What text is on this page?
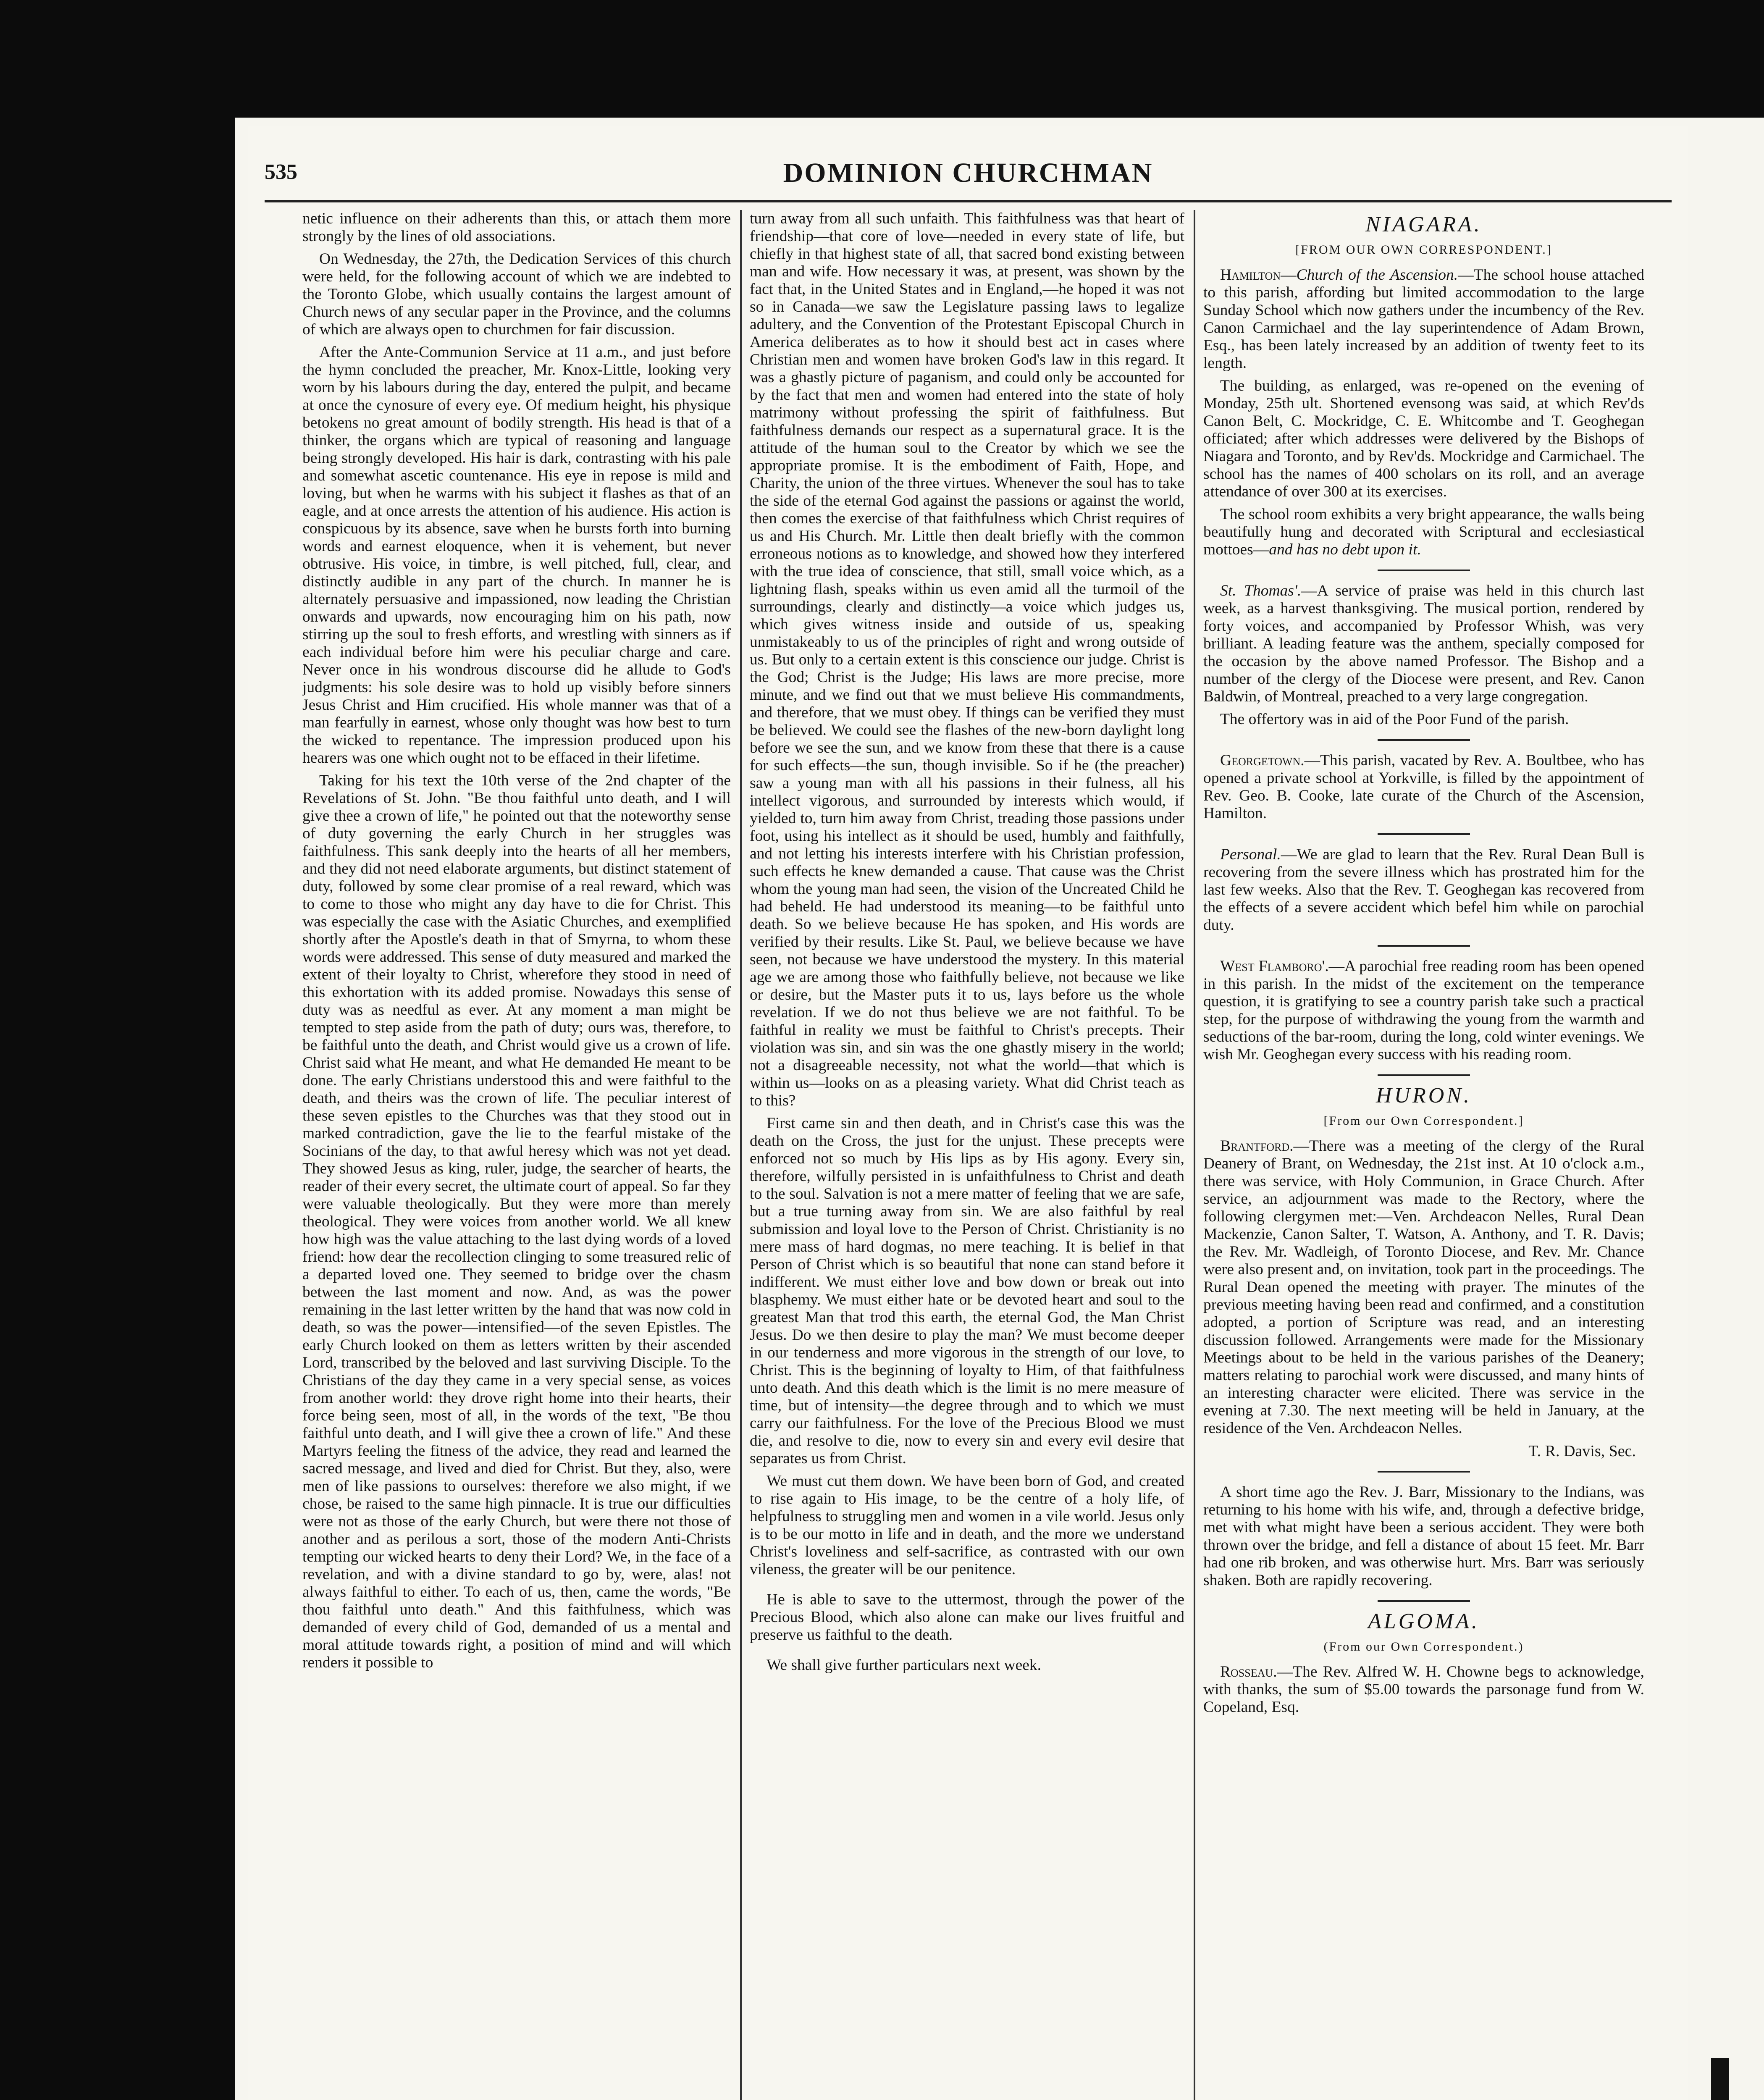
535	DOMINION CHURCHMAN

netic influence on their adherents than this, or attach them more strongly by the lines of old associations.

On Wednesday, the 27th, the Dedication Services of this church were held, for the following account of which we are indebted to the Toronto Globe, which usually contains the largest amount of Church news of any secular paper in the Province, and the columns of which are always open to churchmen for fair discussion.

After the Ante-Communion Service at 11 a.m., and just before the hymn concluded the preacher, Mr. Knox-Little, looking very worn by his labours during the day, entered the pulpit, and became at once the cynosure of every eye. Of medium height, his physique betokens no great amount of bodily strength. His head is that of a thinker, the organs which are typical of reasoning and language being strongly developed. His hair is dark, contrasting with his pale and somewhat ascetic countenance. His eye in repose is mild and loving, but when he warms with his subject it flashes as that of an eagle, and at once arrests the attention of his audience. His action is conspicuous by its absence, save when he bursts forth into burning words and earnest eloquence, when it is vehement, but never obtrusive. His voice, in timbre, is well pitched, full, clear, and distinctly audible in any part of the church. In manner he is alternately persuasive and impassioned, now leading the Christian onwards and upwards, now encouraging him on his path, now stirring up the soul to fresh efforts, and wrestling with sinners as if each individual before him were his peculiar charge and care. Never once in his wondrous discourse did he allude to God's judgments: his sole desire was to hold up visibly before sinners Jesus Christ and Him crucified. His whole manner was that of a man fearfully in earnest, whose only thought was how best to turn the wicked to repentance. The impression produced upon his hearers was one which ought not to be effaced in their lifetime.

Taking for his text the 10th verse of the 2nd chapter of the Revelations of St. John. "Be thou faithful unto death, and I will give thee a crown of life," he pointed out that the noteworthy sense of duty governing the early Church in her struggles was faithfulness. This sank deeply into the hearts of all her members, and they did not need elaborate arguments, but distinct statement of duty, followed by some clear promise of a real reward, which was to come to those who might any day have to die for Christ. This was especially the case with the Asiatic Churches, and exemplified shortly after the Apostle's death in that of Smyrna, to whom these words were addressed. This sense of duty measured and marked the extent of their loyalty to Christ, wherefore they stood in need of this exhortation with its added promise. Nowadays this sense of duty was as needful as ever. At any moment a man might be tempted to step aside from the path of duty; ours was, therefore, to be faithful unto the death, and Christ would give us a crown of life. Christ said what He meant, and what He demanded He meant to be done. The early Christians understood this and were faithful to the death, and theirs was the crown of life. The peculiar interest of these seven epistles to the Churches was that they stood out in marked contradiction, gave the lie to the fearful mistake of the Socinians of the day, to that awful heresy which was not yet dead. They showed Jesus as king, ruler, judge, the searcher of hearts, the reader of their every secret, the ultimate court of appeal. So far they were valuable theologically. But they were more than merely theological. They were voices from another world. We all knew how high was the value attaching to the last dying words of a loved friend: how dear the recollection clinging to some treasured relic of a departed loved one. They seemed to bridge over the chasm between the last moment and now. And, as was the power remaining in the last letter written by the hand that was now cold in death, so was the power—intensified—of the seven Epistles. The early Church looked on them as letters written by their ascended Lord, transcribed by the beloved and last surviving Disciple. To the Christians of the day they came in a very special sense, as voices from another world: they drove right home into their hearts, their force being seen, most of all, in the words of the text, "Be thou faithful unto death, and I will give thee a crown of life." And these Martyrs feeling the fitness of the advice, they read and learned the sacred message, and lived and died for Christ. But they, also, were men of like passions to ourselves: therefore we also might, if we chose, be raised to the same high pinnacle. It is true our difficulties were not as those of the early Church, but were there not those of another and as perilous a sort, those of the modern Anti-Christs tempting our wicked hearts to deny their Lord? We, in the face of a revelation, and with a divine standard to go by, were, alas! not always faithful to either. To each of us, then, came the words, "Be thou faithful unto death." And this faithfulness, which was demanded of every child of God, demanded of us a mental and moral attitude towards right, a position of mind and will which renders it possible to

turn away from all such unfaith. This faithfulness was that heart of friendship—that core of love—needed in every state of life, but chiefly in that highest state of all, that sacred bond existing between man and wife. How necessary it was, at present, was shown by the fact that, in the United States and in England,—he hoped it was not so in Canada—we saw the Legislature passing laws to legalize adultery, and the Convention of the Protestant Episcopal Church in America deliberates as to how it should best act in cases where Christian men and women have broken God's law in this regard. It was a ghastly picture of paganism, and could only be accounted for by the fact that men and women had entered into the state of holy matrimony without professing the spirit of faithfulness. But faithfulness demands our respect as a supernatural grace. It is the attitude of the human soul to the Creator by which we see the appropriate promise. It is the embodiment of Faith, Hope, and Charity, the union of the three virtues. Whenever the soul has to take the side of the eternal God against the passions or against the world, then comes the exercise of that faithfulness which Christ requires of us and His Church. Mr. Little then dealt briefly with the common erroneous notions as to knowledge, and showed how they interfered with the true idea of conscience, that still, small voice which, as a lightning flash, speaks within us even amid all the turmoil of the surroundings, clearly and distinctly—a voice which judges us, which gives witness inside and outside of us, speaking unmistakeably to us of the principles of right and wrong outside of us. But only to a certain extent is this conscience our judge. Christ is the God; Christ is the Judge; His laws are more precise, more minute, and we find out that we must believe His commandments, and therefore, that we must obey. If things can be verified they must be believed. We could see the flashes of the new-born daylight long before we see the sun, and we know from these that there is a cause for such effects—the sun, though invisible. So if he (the preacher) saw a young man with all his passions in their fulness, all his intellect vigorous, and surrounded by interests which would, if yielded to, turn him away from Christ, treading those passions under foot, using his intellect as it should be used, humbly and faithfully, and not letting his interests interfere with his Christian profession, such effects he knew demanded a cause. That cause was the Christ whom the young man had seen, the vision of the Uncreated Child he had beheld. He had understood its meaning—to be faithful unto death. So we believe because He has spoken, and His words are verified by their results. Like St. Paul, we believe because we have seen, not because we have understood the mystery. In this material age we are among those who faithfully believe, not because we like or desire, but the Master puts it to us, lays before us the whole revelation. If we do not thus believe we are not faithful. To be faithful in reality we must be faithful to Christ's precepts. Their violation was sin, and sin was the one ghastly misery in the world; not a disagreeable necessity, not what the world—that which is within us—looks on as a pleasing variety. What did Christ teach as to this?

First came sin and then death, and in Christ's case this was the death on the Cross, the just for the unjust. These precepts were enforced not so much by His lips as by His agony. Every sin, therefore, wilfully persisted in is unfaithfulness to Christ and death to the soul. Salvation is not a mere matter of feeling that we are safe, but a true turning away from sin. We are also faithful by real submission and loyal love to the Person of Christ. Christianity is no mere mass of hard dogmas, no mere teaching. It is belief in that Person of Christ which is so beautiful that none can stand before it indifferent. We must either love and bow down or break out into blasphemy. We must either hate or be devoted heart and soul to the greatest Man that trod this earth, the eternal God, the Man Christ Jesus. Do we then desire to play the man? We must become deeper in our tenderness and more vigorous in the strength of our love, to Christ. This is the beginning of loyalty to Him, of that faithfulness unto death. And this death which is the limit is no mere measure of time, but of intensity—the degree through and to which we must carry our faithfulness. For the love of the Precious Blood we must die, and resolve to die, now to every sin and every evil desire that separates us from Christ.

We must cut them down. We have been born of God, and created to rise again to His image, to be the centre of a holy life, of helpfulness to struggling men and women in a vile world. Jesus only is to be our motto in life and in death, and the more we understand Christ's loveliness and self-sacrifice, as contrasted with our own vileness, the greater will be our penitence.

He is able to save to the uttermost, through the power of the Precious Blood, which also alone can make our lives fruitful and preserve us faithful to the death.

We shall give further particulars next week.

NIAGARA.
[FROM OUR OWN CORRESPONDENT.]

Hamilton—Church of the Ascension.—The school house attached to this parish, affording but limited accommodation to the large Sunday School which now gathers under the incumbency of the Rev. Canon Carmichael and the lay superintendence of Adam Brown, Esq., has been lately increased by an addition of twenty feet to its length.

The building, as enlarged, was re-opened on the evening of Monday, 25th ult. Shortened evensong was said, at which Rev'ds Canon Belt, C. Mockridge, C. E. Whitcombe and T. Geoghegan officiated; after which addresses were delivered by the Bishops of Niagara and Toronto, and by Rev'ds. Mockridge and Carmichael. The school has the names of 400 scholars on its roll, and an average attendance of over 300 at its exercises.

The school room exhibits a very bright appearance, the walls being beautifully hung and decorated with Scriptural and ecclesiastical mottoes—and has no debt upon it.

St. Thomas'.—A service of praise was held in this church last week, as a harvest thanksgiving. The musical portion, rendered by forty voices, and accompanied by Professor Whish, was very brilliant. A leading feature was the anthem, specially composed for the occasion by the above named Professor. The Bishop and a number of the clergy of the Diocese were present, and Rev. Canon Baldwin, of Montreal, preached to a very large congregation.

The offertory was in aid of the Poor Fund of the parish.

Georgetown.—This parish, vacated by Rev. A. Boultbee, who has opened a private school at Yorkville, is filled by the appointment of Rev. Geo. B. Cooke, late curate of the Church of the Ascension, Hamilton.

Personal.—We are glad to learn that the Rev. Rural Dean Bull is recovering from the severe illness which has prostrated him for the last few weeks. Also that the Rev. T. Geoghegan kas recovered from the effects of a severe accident which befel him while on parochial duty.

West Flamboro'.—A parochial free reading room has been opened in this parish. In the midst of the excitement on the temperance question, it is gratifying to see a country parish take such a practical step, for the purpose of withdrawing the young from the warmth and seductions of the bar-room, during the long, cold winter evenings. We wish Mr. Geoghegan every success with his reading room.

HURON.
[From our Own Correspondent.]

Brantford.—There was a meeting of the clergy of the Rural Deanery of Brant, on Wednesday, the 21st inst. At 10 o'clock a.m., there was service, with Holy Communion, in Grace Church. After service, an adjournment was made to the Rectory, where the following clergymen met:—Ven. Archdeacon Nelles, Rural Dean Mackenzie, Canon Salter, T. Watson, A. Anthony, and T. R. Davis; the Rev. Mr. Wadleigh, of Toronto Diocese, and Rev. Mr. Chance were also present and, on invitation, took part in the proceedings. The Rural Dean opened the meeting with prayer. The minutes of the previous meeting having been read and confirmed, and a constitution adopted, a portion of Scripture was read, and an interesting discussion followed. Arrangements were made for the Missionary Meetings about to be held in the various parishes of the Deanery; matters relating to parochial work were discussed, and many hints of an interesting character were elicited. There was service in the evening at 7.30. The next meeting will be held in January, at the residence of the Ven. Archdeacon Nelles.

T. R. Davis, Sec.

A short time ago the Rev. J. Barr, Missionary to the Indians, was returning to his home with his wife, and, through a defective bridge, met with what might have been a serious accident. They were both thrown over the bridge, and fell a distance of about 15 feet. Mr. Barr had one rib broken, and was otherwise hurt. Mrs. Barr was seriously shaken. Both are rapidly recovering.

ALGOMA.
(From our Own Correspondent.)

Rosseau.—The Rev. Alfred W. H. Chowne begs to acknowledge, with thanks, the sum of $5.00 towards the parsonage fund from W. Copeland, Esq.
